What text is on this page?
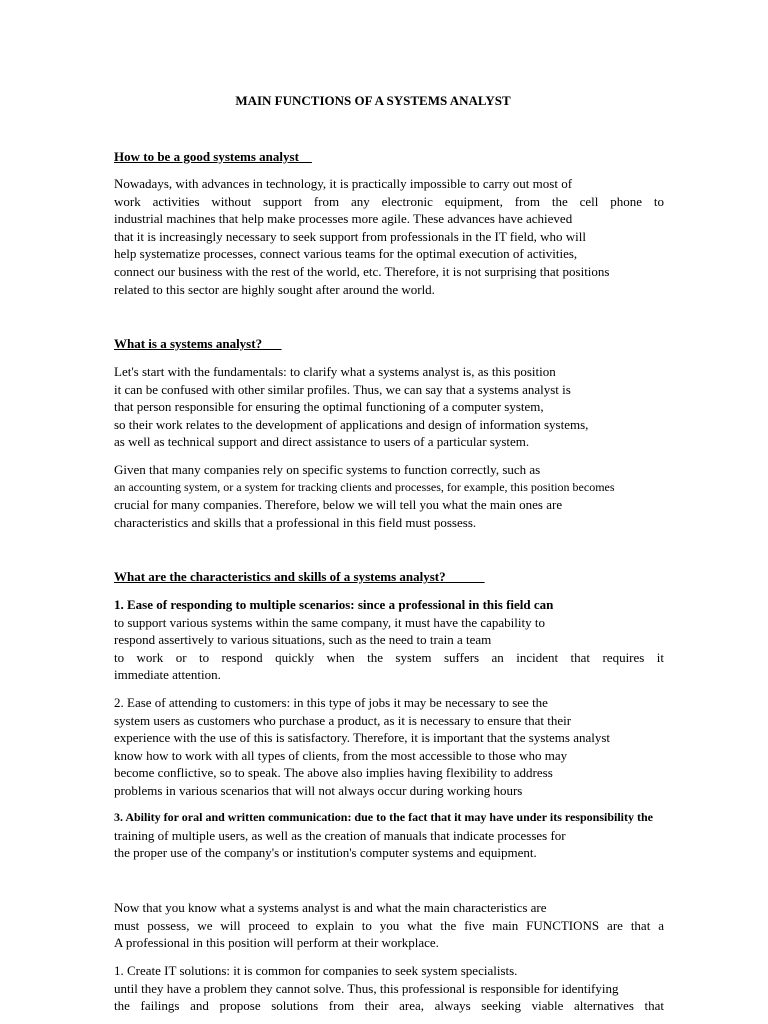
MAIN FUNCTIONS OF A SYSTEMS ANALYST
How to be a good systems analyst
Nowadays, with advances in technology, it is practically impossible to carry out most of
work activities without support from any electronic equipment, from the cell phone to
industrial machines that help make processes more agile. These advances have achieved
that it is increasingly necessary to seek support from professionals in the IT field, who will
help systematize processes, connect various teams for the optimal execution of activities,
connect our business with the rest of the world, etc. Therefore, it is not surprising that positions
related to this sector are highly sought after around the world.
What is a systems analyst?
Let's start with the fundamentals: to clarify what a systems analyst is, as this position
it can be confused with other similar profiles. Thus, we can say that a systems analyst is
that person responsible for ensuring the optimal functioning of a computer system,
so their work relates to the development of applications and design of information systems,
as well as technical support and direct assistance to users of a particular system.
Given that many companies rely on specific systems to function correctly, such as
an accounting system, or a system for tracking clients and processes, for example, this position becomes
crucial for many companies. Therefore, below we will tell you what the main ones are
characteristics and skills that a professional in this field must possess.
What are the characteristics and skills of a systems analyst?
1. Ease of responding to multiple scenarios: since a professional in this field can
to support various systems within the same company, it must have the capability to
respond assertively to various situations, such as the need to train a team
to work or to respond quickly when the system suffers an incident that requires it
immediate attention.
2. Ease of attending to customers: in this type of jobs it may be necessary to see the
system users as customers who purchase a product, as it is necessary to ensure that their
experience with the use of this is satisfactory. Therefore, it is important that the systems analyst
know how to work with all types of clients, from the most accessible to those who may
become conflictive, so to speak. The above also implies having flexibility to address
problems in various scenarios that will not always occur during working hours
3. Ability for oral and written communication: due to the fact that it may have under its responsibility the
training of multiple users, as well as the creation of manuals that indicate processes for
the proper use of the company's or institution's computer systems and equipment.
Now that you know what a systems analyst is and what the main characteristics are
must possess, we will proceed to explain to you what the five main FUNCTIONS are that a
A professional in this position will perform at their workplace.
1. Create IT solutions: it is common for companies to seek system specialists.
until they have a problem they cannot solve. Thus, this professional is responsible for identifying
the failings and propose solutions from their area, always seeking viable alternatives that
